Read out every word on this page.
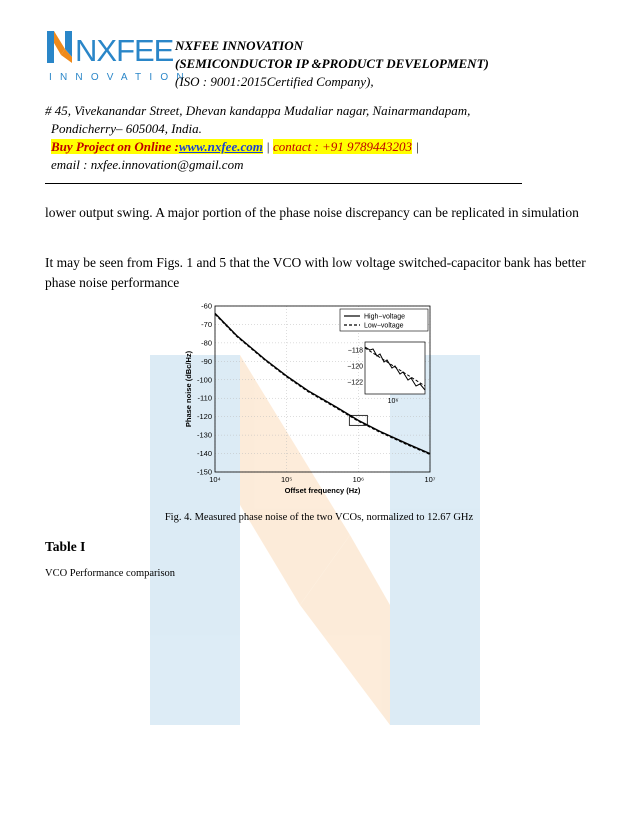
NXFEE
INNOVATION
NXFEE INNOVATION
(SEMICONDUCTOR IP &PRODUCT DEVELOPMENT)
(ISO : 9001:2015Certified Company),
# 45, Vivekanandar Street, Dhevan kandappa Mudaliar nagar, Nainarmandapam,
Pondicherry– 605004, India.
Buy Project on Online :www.nxfee.com | contact : +91 9789443203 |
email : nxfee.innovation@gmail.com
lower output swing. A major portion of the phase noise discrepancy can be replicated in simulation
It may be seen from Figs. 1 and 5 that the VCO with low voltage switched-capacitor bank has better phase noise performance
-60
-70
-80
-90
-100
-110
-120
-130
-140
-150
10⁴	10⁵	10⁶	10⁷
Offset frequency (Hz)
Phase noise (dBc/Hz)
High−voltage
Low−voltage
−118
−120
−122
10⁶
Fig. 4. Measured phase noise of the two VCOs, normalized to 12.67 GHz
Table I
VCO Performance comparison
